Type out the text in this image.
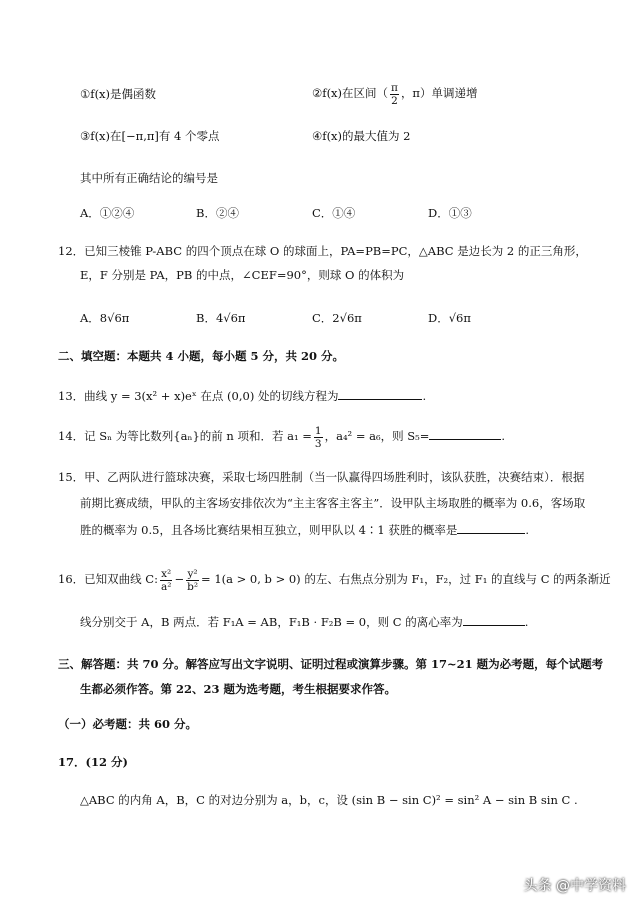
①f(x)是偶函数	②f(x)在区间（ $\frac{\pi}{2}$ ，π）单调递增
③f(x)在[−π,π]有 4 个零点	④f(x)的最大值为 2
其中所有正确结论的编号是
A．①②④	B．②④	C．①④	D．①③
12．已知三棱锥 P-ABC 的四个顶点在球 O 的球面上，PA=PB=PC，△ABC 是边长为 2 的正三角形，
E，F 分别是 PA，PB 的中点，∠CEF=90°，则球 O 的体积为
A．8√6π	B．4√6π	C．2√6π	D．√6π
二、填空题：本题共 4 小题，每小题 5 分，共 20 分。
13．曲线 y = 3(x² + x)eˣ 在点 (0,0) 处的切线方程为	.
14．记 Sₙ 为等比数列{aₙ}的前 n 项和．若 $a_1 = \frac{1}{3}$ ，a₄² = a₆，则 S₅=	.
15．甲、乙两队进行篮球决赛，采取七场四胜制（当一队赢得四场胜利时，该队获胜，决赛结束）．根据
前期比赛成绩，甲队的主客场安排依次为“主主客客主客主”．设甲队主场取胜的概率为 0.6，客场取
胜的概率为 0.5，且各场比赛结果相互独立，则甲队以 4∶1 获胜的概率是	.
16．已知双曲线 C: $\frac{\text{x²}}{\text{a²}} - \frac{\text{y²}}{\text{b²}} = 1(a > 0$, b > 0) 的左、右焦点分别为 F₁，F₂，过 F₁ 的直线与 C 的两条渐近
线分别交于 A，B 两点．若 F₁A = AB，F₁B · F₂B = 0，则 C 的离心率为	.
三、解答题：共 70 分。解答应写出文字说明、证明过程或演算步骤。第 17~21 题为必考题，每个试题考
生都必须作答。第 22、23 题为选考题，考生根据要求作答。
（一）必考题：共 60 分。
17．(12 分)
△ABC 的内角 A，B，C 的对边分别为 a，b，c，设 (sin B − sin C)² = sin² A − sin B sin C .
头条 @中学资料
